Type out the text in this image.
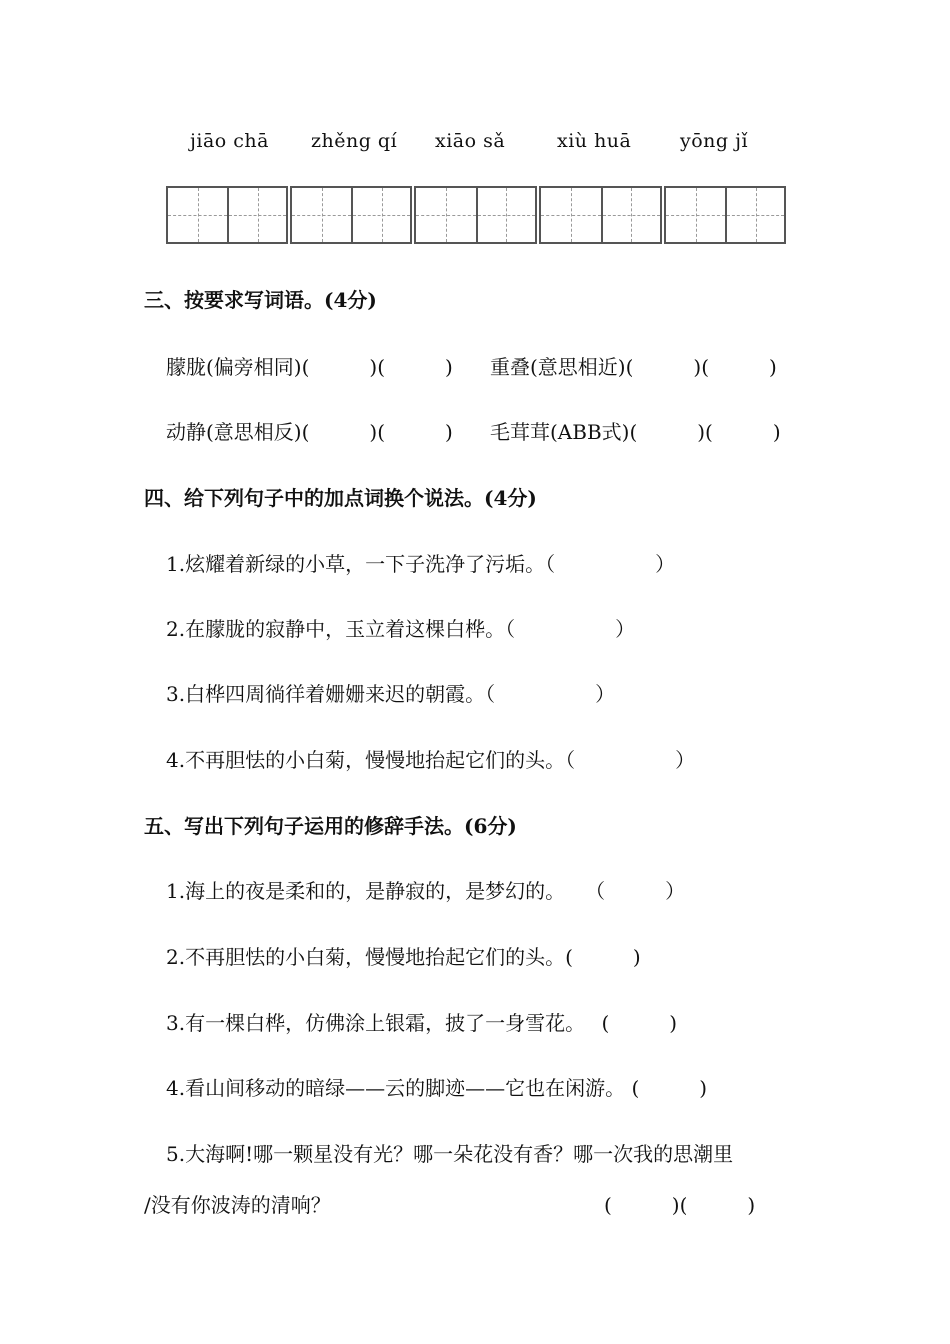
jiāo chā zhěng qí xiāo sǎ	xiù huā	yōng jǐ
三、按要求写词语。(4分)
朦胧(偏旁相同)(　　　)(　　　) 重叠(意思相近)(　　　)(　　　)
动静(意思相反)(　　　)(　　　) 毛茸茸(ABB式)(　　　)(　　　)
四、给下列句子中的加点词换个说法。(4分)
1.炫耀着新绿的小草，一下子洗净了污垢。（　　　　　）
2.在朦胧的寂静中，玉立着这棵白桦。（　　　　　）
3.白桦四周徜徉着姗姗来迟的朝霞。（　　　　　）
4.不再胆怯的小白菊，慢慢地抬起它们的头。（　　　　　）
五、写出下列句子运用的修辞手法。(6分)
1.海上的夜是柔和的，是静寂的，是梦幻的。　　（　　　）
2.不再胆怯的小白菊，慢慢地抬起它们的头。(　　　)
3.有一棵白桦，仿佛涂上银霜，披了一身雪花。　 (　　　)
4.看山间移动的暗绿——云的脚迹——它也在闲游。 (　　　)
5.大海啊!哪一颗星没有光？哪一朵花没有香？哪一次我的思潮里
/没有你波涛的清响？	(　　　)(　　　)
